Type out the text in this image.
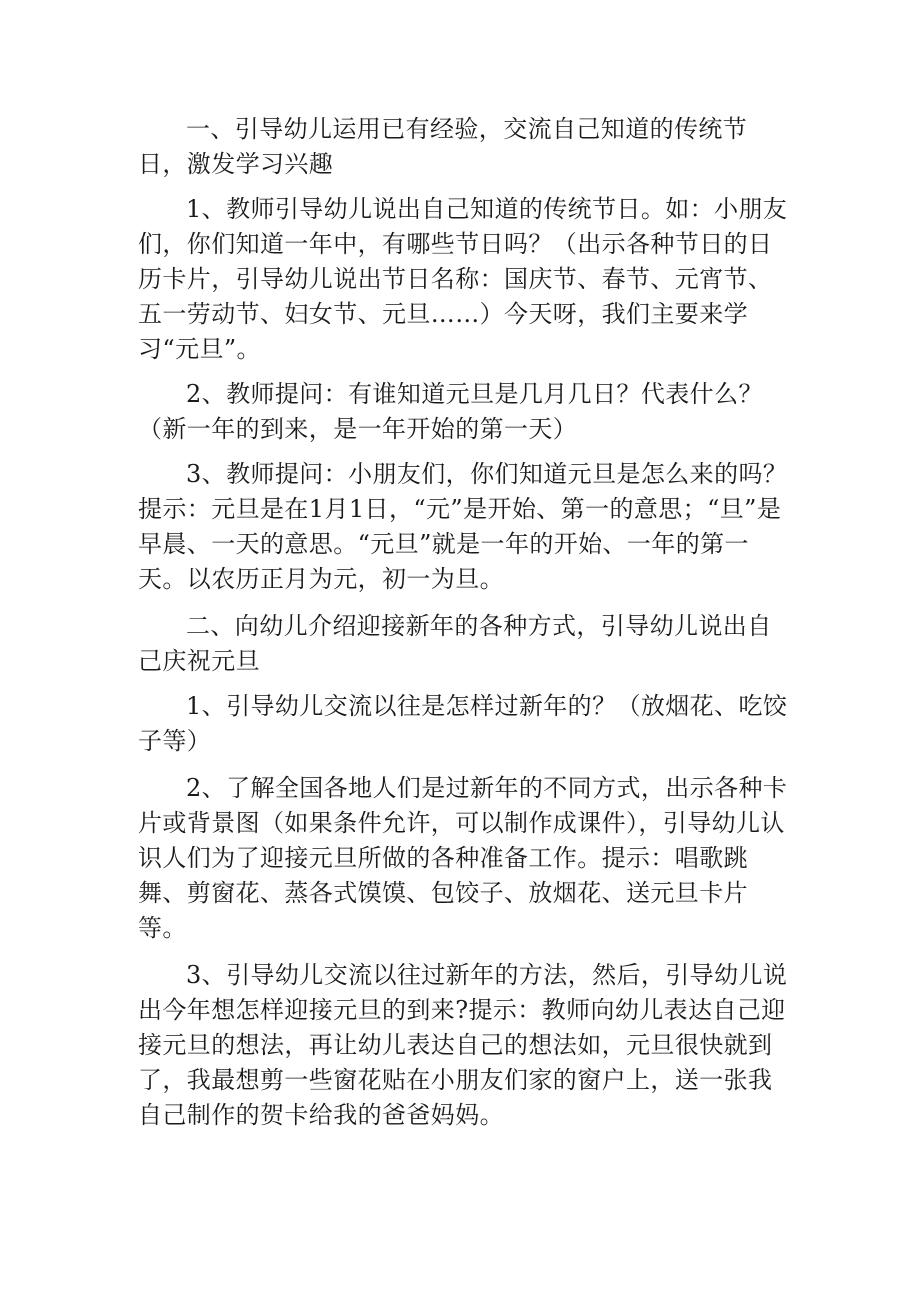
一、引导幼儿运用已有经验，交流自己知道的传统节日，激发学习兴趣

1、教师引导幼儿说出自己知道的传统节日。如：小朋友们，你们知道一年中，有哪些节日吗？（出示各种节日的日历卡片，引导幼儿说出节日名称：国庆节、春节、元宵节、五一劳动节、妇女节、元旦……）今天呀，我们主要来学习“元旦”。

2、教师提问：有谁知道元旦是几月几日？代表什么？（新一年的到来，是一年开始的第一天）

3、教师提问：小朋友们，你们知道元旦是怎么来的吗？提示：元旦是在1月1日，“元”是开始、第一的意思；“旦”是早晨、一天的意思。“元旦”就是一年的开始、一年的第一天。以农历正月为元，初一为旦。

二、向幼儿介绍迎接新年的各种方式，引导幼儿说出自己庆祝元旦

1、引导幼儿交流以往是怎样过新年的？（放烟花、吃饺子等）

2、了解全国各地人们是过新年的不同方式，出示各种卡片或背景图（如果条件允许，可以制作成课件），引导幼儿认识人们为了迎接元旦所做的各种准备工作。提示：唱歌跳舞、剪窗花、蒸各式馍馍、包饺子、放烟花、送元旦卡片等。

3、引导幼儿交流以往过新年的方法，然后，引导幼儿说出今年想怎样迎接元旦的到来?提示：教师向幼儿表达自己迎接元旦的想法，再让幼儿表达自己的想法如，元旦很快就到了，我最想剪一些窗花贴在小朋友们家的窗户上，送一张我自己制作的贺卡给我的爸爸妈妈。
